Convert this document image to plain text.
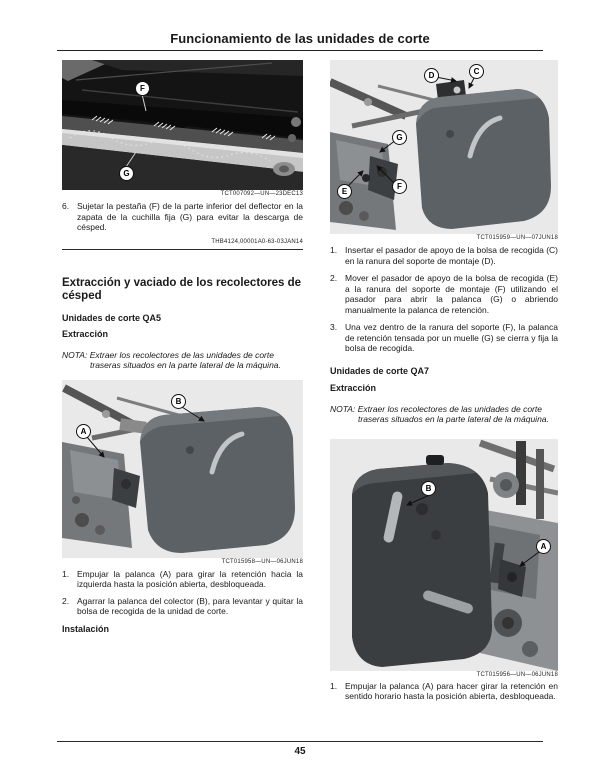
Funcionamiento de las unidades de corte
F
G
TCT007092—UN—23DEC13
6. Sujetar la pestaña (F) de la parte inferior del deflector en la zapata de la cuchilla fija (G) para evitar la descarga de césped.
THB4124,00001A0-63-03JAN14
Extracción y vaciado de los recolectores de césped
Unidades de corte QA5
Extracción
NOTA: Extraer los recolectores de las unidades de corte traseras situados en la parte lateral de la máquina.
A
B
TCT015958—UN—06JUN18
1. Empujar la palanca (A) para girar la retención hacia la izquierda hasta la posición abierta, desbloqueada.
2. Agarrar la palanca del colector (B), para levantar y quitar la bolsa de recogida de la unidad de corte.
Instalación
D	C
G
E
F
TCT015959—UN—07JUN18
1. Insertar el pasador de apoyo de la bolsa de recogida (C) en la ranura del soporte de montaje (D).
2. Mover el pasador de apoyo de la bolsa de recogida (E) a la ranura del soporte de montaje (F) utilizando el pasador para abrir la palanca (G) o abriendo manualmente la palanca de retención.
3. Una vez dentro de la ranura del soporte (F), la palanca de retención tensada por un muelle (G) se cierra y fija la bolsa de recogida.
Unidades de corte QA7
Extracción
NOTA: Extraer los recolectores de las unidades de corte traseras situados en la parte lateral de la máquina.
B
A
TCT015956—UN—06JUN18
1. Empujar la palanca (A) para hacer girar la retención en sentido horario hasta la posición abierta, desbloqueada.
45
